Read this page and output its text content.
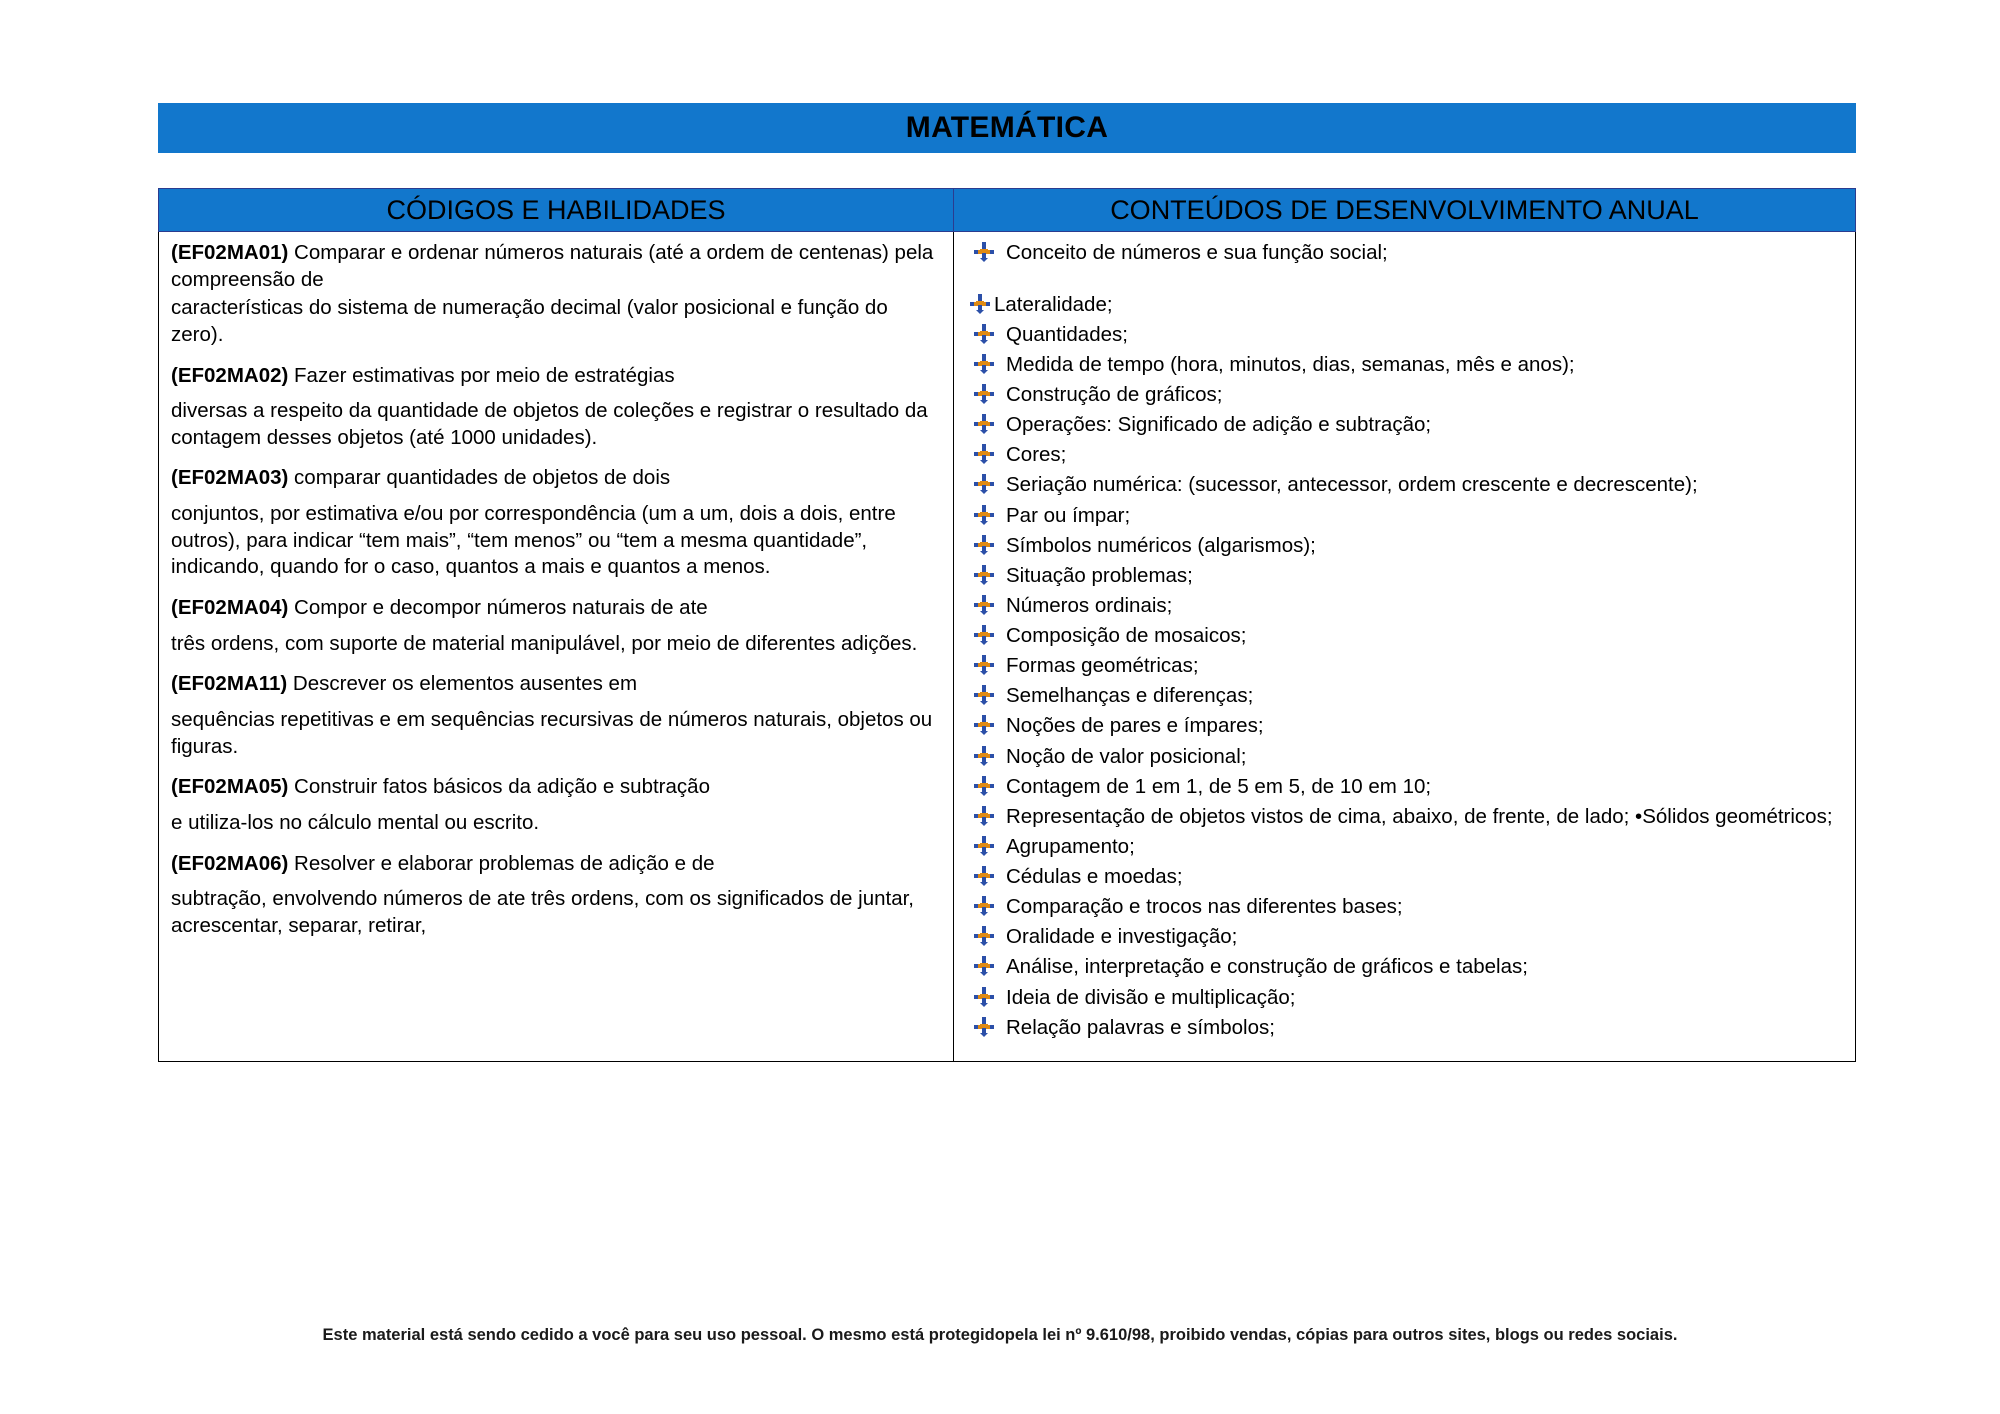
MATEMÁTICA
CÓDIGOS E HABILIDADES	CONTEÚDOS DE DESENVOLVIMENTO ANUAL

(EF02MA01) Comparar e ordenar números naturais (até a ordem de centenas) pela compreensão de
características do sistema de numeração decimal (valor posicional e função do zero).

(EF02MA02) Fazer estimativas por meio de estratégias
diversas a respeito da quantidade de objetos de coleções e registrar o resultado da contagem desses objetos (até 1000 unidades).

(EF02MA03) comparar quantidades de objetos de dois
conjuntos, por estimativa e/ou por correspondência (um a um, dois a dois, entre outros), para indicar “tem mais”, “tem menos” ou “tem a mesma quantidade”, indicando, quando for o caso, quantos a mais e quantos a menos.

(EF02MA04) Compor e decompor números naturais de ate
três ordens, com suporte de material manipulável, por meio de diferentes adições.

(EF02MA11) Descrever os elementos ausentes em
sequências repetitivas e em sequências recursivas de números naturais, objetos ou figuras.

(EF02MA05) Construir fatos básicos da adição e subtração
e utiliza-los no cálculo mental ou escrito.

(EF02MA06) Resolver e elaborar problemas de adição e de
subtração, envolvendo números de ate três ordens, com os significados de juntar, acrescentar, separar, retirar,

Conceito de números e sua função social;
Lateralidade;
Quantidades;
Medida de tempo (hora, minutos, dias, semanas, mês e anos);
Construção de gráficos;
Operações: Significado de adição e subtração;
Cores;
Seriação numérica: (sucessor, antecessor, ordem crescente e decrescente);
Par ou ímpar;
Símbolos numéricos (algarismos);
Situação problemas;
Números ordinais;
Composição de mosaicos;
Formas geométricas;
Semelhanças e diferenças;
Noções de pares e ímpares;
Noção de valor posicional;
Contagem de 1 em 1, de 5 em 5, de 10 em 10;
Representação de objetos vistos de cima, abaixo, de frente, de lado; •Sólidos geométricos;
Agrupamento;
Cédulas e moedas;
Comparação e trocos nas diferentes bases;
Oralidade e investigação;
Análise, interpretação e construção de gráficos e tabelas;
Ideia de divisão e multiplicação;
Relação palavras e símbolos;
Este material está sendo cedido a você para seu uso pessoal. O mesmo está protegidopela lei nº 9.610/98, proibido vendas, cópias para outros sites, blogs ou redes sociais.
